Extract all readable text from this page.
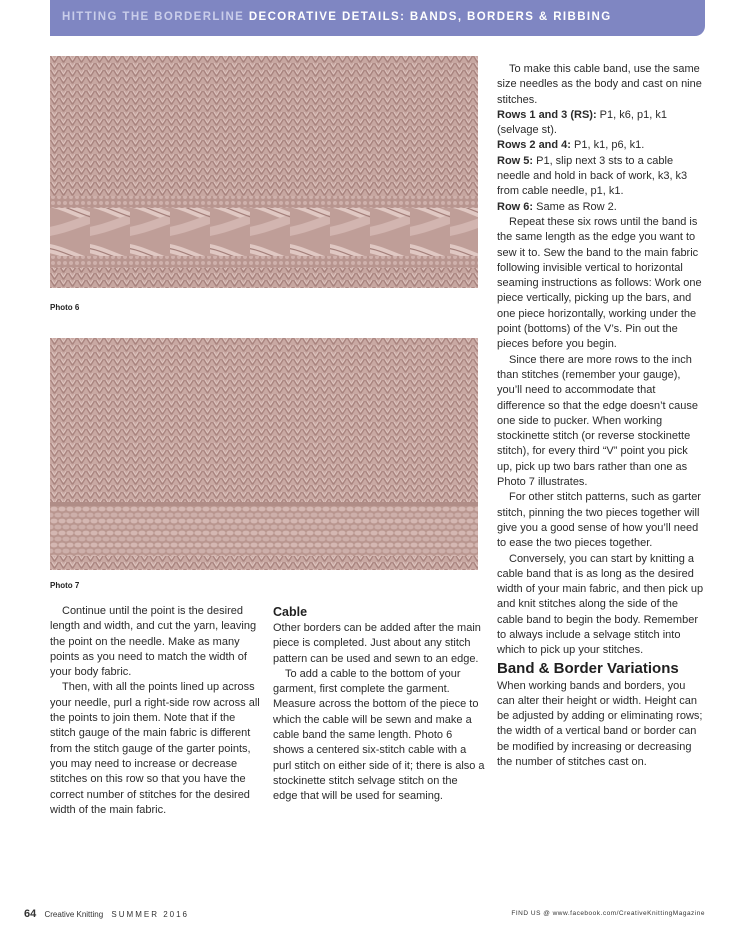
HITTING THE BORDERLINE DECORATIVE DETAILS: BANDS, BORDERS & RIBBING
Photo 6
Photo 7

Continue until the point is the desired length and width, and cut the yarn, leaving the point on the needle. Make as many points as you need to match the width of your body fabric.

Then, with all the points lined up across your needle, purl a right-side row across all the points to join them. Note that if the stitch gauge of the main fabric is different from the stitch gauge of the garter points, you may need to increase or decrease stitches on this row so that you have the correct number of stitches for the desired width of the main fabric.

Cable

Other borders can be added after the main piece is completed. Just about any stitch pattern can be used and sewn to an edge.

To add a cable to the bottom of your garment, first complete the garment. Measure across the bottom of the piece to which the cable will be sewn and make a cable band the same length. Photo 6 shows a centered six-stitch cable with a purl stitch on either side of it; there is also a stockinette stitch selvage stitch on the edge that will be used for seaming.

To make this cable band, use the same size needles as the body and cast on nine stitches.

Rows 1 and 3 (RS): P1, k6, p1, k1 (selvage st).

Rows 2 and 4: P1, k1, p6, k1.

Row 5: P1, slip next 3 sts to a cable needle and hold in back of work, k3, k3 from cable needle, p1, k1.

Row 6: Same as Row 2.

Repeat these six rows until the band is the same length as the edge you want to sew it to. Sew the band to the main fabric following invisible vertical to horizontal seaming instructions as follows: Work one piece vertically, picking up the bars, and one piece horizontally, working under the point (bottoms) of the V’s. Pin out the pieces before you begin.

Since there are more rows to the inch than stitches (remember your gauge), you’ll need to accommodate that difference so that the edge doesn’t cause one side to pucker. When working stockinette stitch (or reverse stockinette stitch), for every third “V” point you pick up, pick up two bars rather than one as Photo 7 illustrates.

For other stitch patterns, such as garter stitch, pinning the two pieces together will give you a good sense of how you’ll need to ease the two pieces together.

Conversely, you can start by knitting a cable band that is as long as the desired width of your main fabric, and then pick up and knit stitches along the side of the cable band to begin the body. Remember to always include a selvage stitch into which to pick up your stitches.

Band & Border Variations

When working bands and borders, you can alter their height or width. Height can be adjusted by adding or eliminating rows; the width of a vertical band or border can be modified by increasing or decreasing the number of stitches cast on.

64 Creative Knitting SUMMER 2016	FIND US @ www.facebook.com/CreativeKnittingMagazine
